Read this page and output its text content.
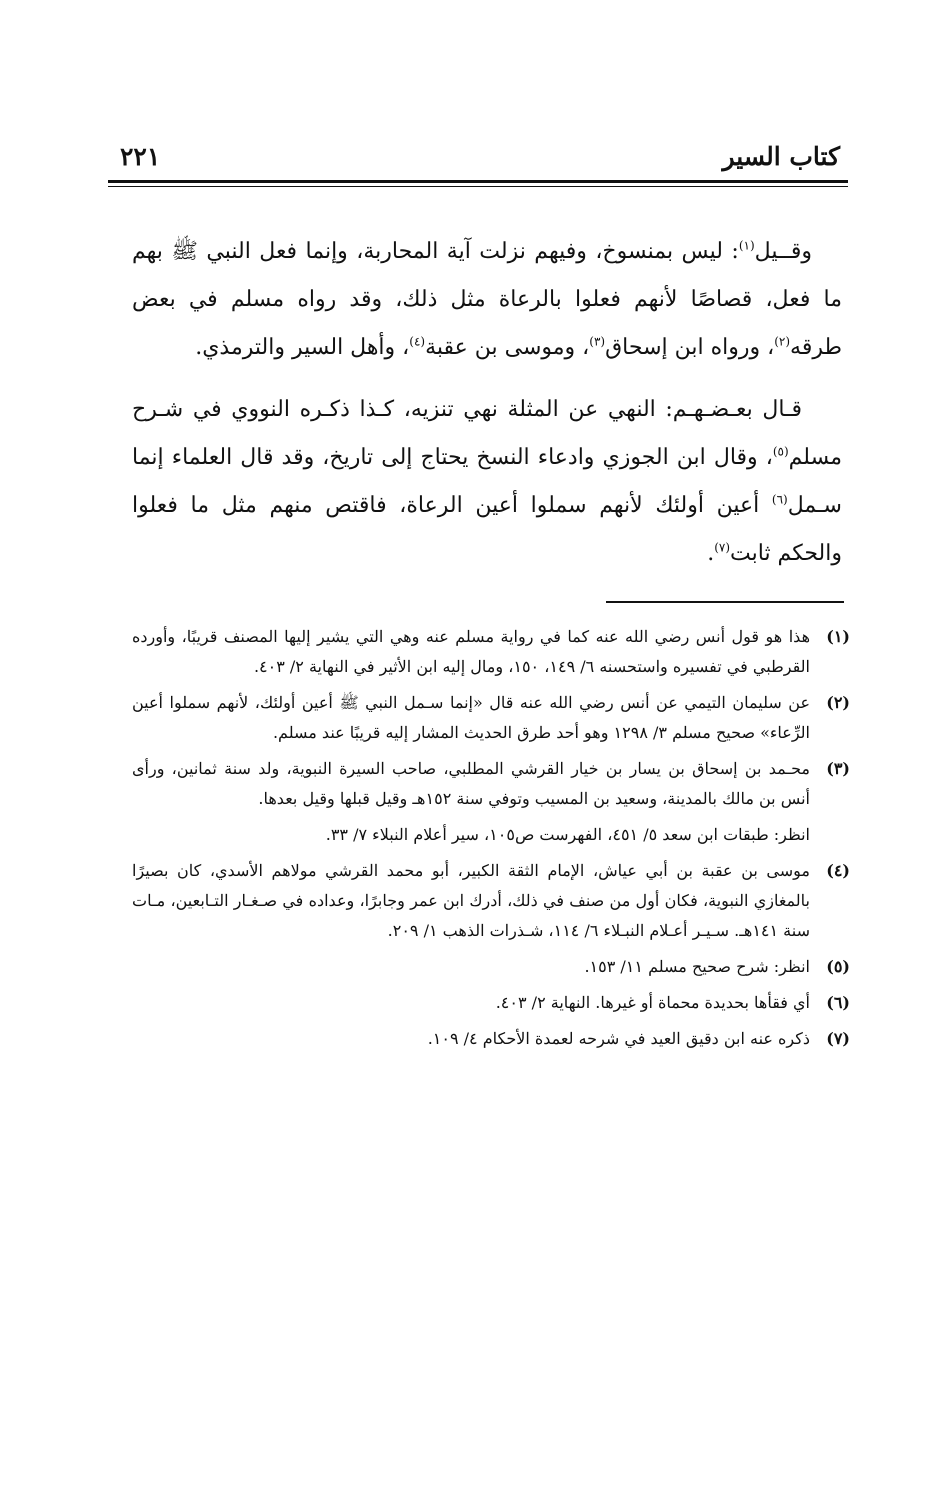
كتاب السير
٢٢١

وقــيل$^{(١)}$: ليس بمنسوخ، وفيهم نزلت آية المحاربة، وإنما فعل النبي ﷺ بهم ما فعل، قصاصًا لأنهم فعلوا بالرعاة مثل ذلك، وقد رواه مسلم في بعض طرقه$^{(٢)}$، ورواه ابن إسحاق$^{(٣)}$، وموسى بن عقبة$^{(٤)}$، وأهل السير والترمذي.

قـال بعـضـهـم: النهي عن المثلة نهي تنزيه، كـذا ذكـره النووي في شـرح مسلم$^{(٥)}$، وقال ابن الجوزي وادعاء النسخ يحتاج إلى تاريخ، وقد قال العلماء إنما سـمل$^{(٦)}$ أعين أولئك لأنهم سملوا أعين الرعاة، فاقتص منهم مثل ما فعلوا والحكم ثابت$^{(٧)}$.

(١)
هذا هو قول أنس رضي الله عنه كما في رواية مسلم عنه وهي التي يشير إليها المصنف قريبًا، وأورده القرطبي في تفسيره واستحسنه ٦/ ١٤٩، ١٥٠، ومال إليه ابن الأثير في النهاية ٢/ ٤٠٣.
(٢)
عن سليمان التيمي عن أنس رضي الله عنه قال «إنما سـمل النبي ﷺ أعين أولئك، لأنهم سملوا أعين الرِّعاء» صحيح مسلم ٣/ ١٢٩٨ وهو أحد طرق الحديث المشار إليه قريبًا عند مسلم.
(٣)
محـمد بن إسحاق بن يسار بن خيار القرشي المطلبي، صاحب السيرة النبوية، ولد سنة ثمانين، ورأى أنس بن مالك بالمدينة، وسعيد بن المسيب وتوفي سنة ١٥٢هـ وقيل قبلها وقيل بعدها.
انظر: طبقات ابن سعد ٥/ ٤٥١، الفهرست ص١٠٥، سير أعلام النبلاء ٧/ ٣٣.
(٤)
موسى بن عقبة بن أبي عياش، الإمام الثقة الكبير، أبو محمد القرشي مولاهم الأسدي، كان بصيرًا بالمغازي النبوية، فكان أول من صنف في ذلك، أدرك ابن عمر وجابرًا، وعداده في صـغـار التـابعين، مـات سنة ١٤١هـ. سـيـر أعـلام النبـلاء ٦/ ١١٤، شـذرات الذهب ١/ ٢٠٩.
(٥)
انظر: شرح صحيح مسلم ١١/ ١٥٣.
(٦)
أي فقأها بحديدة محماة أو غيرها. النهاية ٢/ ٤٠٣.
(٧)
ذكره عنه ابن دقيق العيد في شرحه لعمدة الأحكام ٤/ ١٠٩.
